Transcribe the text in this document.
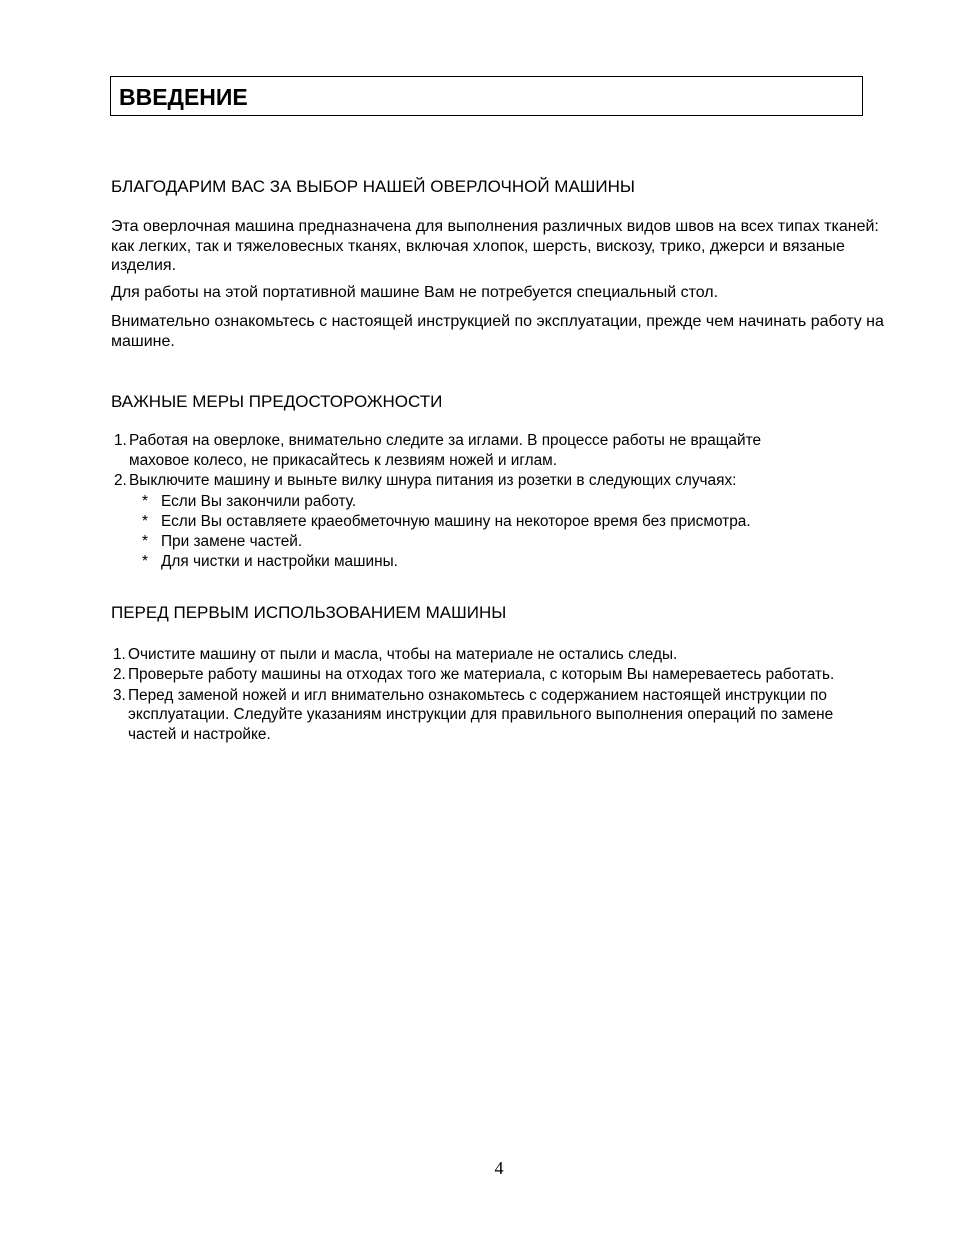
ВВЕДЕНИЕ
БЛАГОДАРИМ ВАС ЗА ВЫБОР НАШЕЙ ОВЕРЛОЧНОЙ МАШИНЫ
Эта оверлочная машина предназначена для выполнения различных видов швов на всех типах тканей: как легких, так и тяжеловесных тканях, включая хлопок, шерсть, вискозу, трико, джерси и вязаные изделия.
Для работы на этой портативной машине Вам не потребуется специальный стол.
Внимательно ознакомьтесь с настоящей инструкцией по эксплуатации, прежде чем начинать работу на машине.
ВАЖНЫЕ МЕРЫ ПРЕДОСТОРОЖНОСТИ
1. Работая на оверлоке, внимательно следите за иглами. В процессе работы не вращайте
маховое колесо, не прикасайтесь к лезвиям ножей и иглам.
2. Выключите машину и выньте вилку шнура питания из розетки в следующих случаях:
* Если Вы закончили работу.
* Если Вы оставляете краеобметочную машину на некоторое время без присмотра.
* При замене частей.
* Для чистки и настройки машины.
ПЕРЕД ПЕРВЫМ ИСПОЛЬЗОВАНИЕМ МАШИНЫ
1. Очистите машину от пыли и масла, чтобы на материале не остались следы.
2. Проверьте работу машины на отходах того же материала, с которым Вы намереваетесь работать.
3. Перед заменой ножей и игл внимательно ознакомьтесь с содержанием настоящей инструкции по
эксплуатации. Следуйте указаниям инструкции для правильного выполнения операций по замене
частей и настройке.
4
